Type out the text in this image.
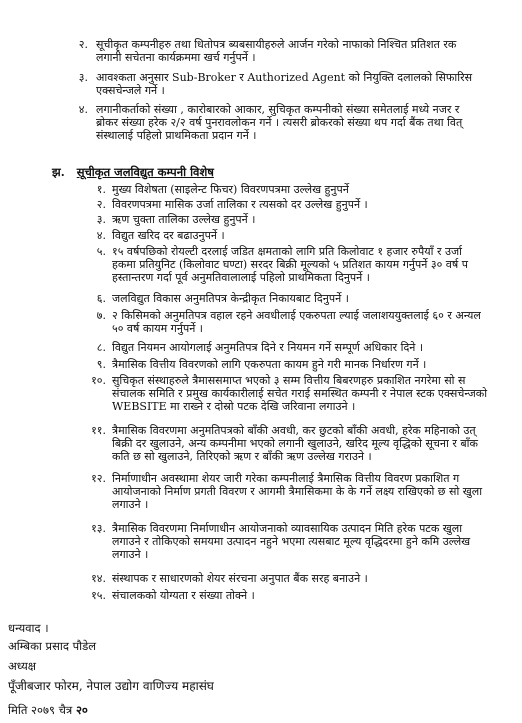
२. सूचीकृत कम्पनीहरु तथा धितोपत्र ब्यबसायीहरुले आर्जन गरेको नाफाको निश्चित प्रतिशत रक
लगानी सचेतना कार्यक्रममा खर्च गर्नुपर्ने ।
३. आवश्कता अनुसार Sub-Broker र Authorized Agent को नियुक्ति दलालको सिफारिस
एक्सचेन्जले गर्ने ।
४. लगानीकर्ताको संख्या , कारोबारको आकार, सुचिकृत कम्पनीको संख्या समेतलाई मध्ये नजर र
ब्रोकर संख्या हरेक २/२ वर्ष पुनरावलोकन गर्ने । त्यसरी ब्रोकरको संख्या थप गर्दा बैंक तथा वित्
संस्थालाई पहिलो प्राथमिकता प्रदान गर्ने ।
झ. सूचीकृत जलविद्युत कम्पनी विशेष
१. मुख्य विशेषता (साइलेन्ट फिचर) विवरणपत्रमा उल्लेख हुनुपर्ने
२. विवरणपत्रमा मासिक उर्जा तालिका र त्यसको दर उल्लेख हुनुपर्ने ।
३. ऋण चुक्ता तालिका उल्लेख हुनुपर्ने ।
४. विद्युत खरिद दर बढाउनुपर्ने ।
५. १५ वर्षपछिको रोयल्टी दरलाई जडित क्षमताको लागि प्रति किलोवाट १ हजार रुपैयाँ र उर्जा
हकमा प्रतियुनिट (किलोवाट घण्टा) सरदर बिक्री मूल्यको ५ प्रतिशत कायम गर्नुपर्ने ३० वर्ष प
हस्तान्तरण गर्दा पूर्व अनुमतिवालालाई पहिलो प्राथमिकता दिनुपर्ने ।
६. जलविद्युत विकास अनुमतिपत्र केन्द्रीकृत निकायबाट दिनुपर्ने ।
७. २ किसिमको अनुमतिपत्र वहाल रहने अवधीलाई एकरुपता ल्याई जलाशययुक्तलाई ६० र अन्यल
५० वर्ष कायम गर्नुपर्ने ।
८. विद्युत नियमन आयोगलाई अनुमतिपत्र दिने र नियमन गर्ने सम्पूर्ण अधिकार दिने ।
९. त्रैमासिक वित्तीय विवरणको लागि एकरुपता कायम हुने गरी मानक निर्धारण गर्ने ।
१०. सुचिकृत संस्थाहरुले त्रैमाससमाप्त भएको ३ सम्म वित्तीय बिबरणहरु प्रकाशित नगरेमा सो स
संचालक समिति र प्रमुख कार्यकारीलाई सचेत गराई समस्थित कम्पनी र नेपाल स्टक एक्सचेन्जको
WEBSITE मा राख्ने र दोस्रो पटक देखि जरिवाना लगाउने ।
११. त्रैमासिक विवरणमा अनुमतिपत्रको बाँकी अवधी, कर छुटको बाँकी अवधी, हरेक महिनाको उत्
बिक्री दर खुलाउने, अन्य कम्पनीमा भएको लगानी खुलाउने, खरिद मूल्य वृद्धिको सूचना र बाँक
कति छ सो खुलाउने, तिरिएको ऋण र बाँकी ऋण उल्लेख गराउने ।
१२. निर्माणाधीन अवस्थामा शेयर जारी गरेका कम्पनीलाई त्रैमासिक वित्तीय विवरण प्रकाशित ग
आयोजनाको निर्माण प्रगती विवरण र आगमी त्रैमासिकमा के के गर्ने लक्ष्य राखिएको छ सो खुला
लगाउने ।
१३. त्रैमासिक विवरणमा निर्माणाधीन आयोजनाको व्यावसायिक उत्पादन मिति हरेक पटक खुला
लगाउने र तोकिएको समयमा उत्पादन नहुने भएमा त्यसबाट मूल्य वृद्धिदरमा हुने कमि उल्लेख
लगाउने ।
१४. संस्थापक र साधारणको शेयर संरचना अनुपात बैंक सरह बनाउने ।
१५. संचालकको योग्यता र संख्या तोक्ने ।
धन्यवाद ।
अम्बिका प्रसाद पौडेल
अध्यक्ष
पूँजीबजार फोरम, नेपाल उद्योग वाणिज्य महासंघ
मिति २०७९ चैत्र २०
